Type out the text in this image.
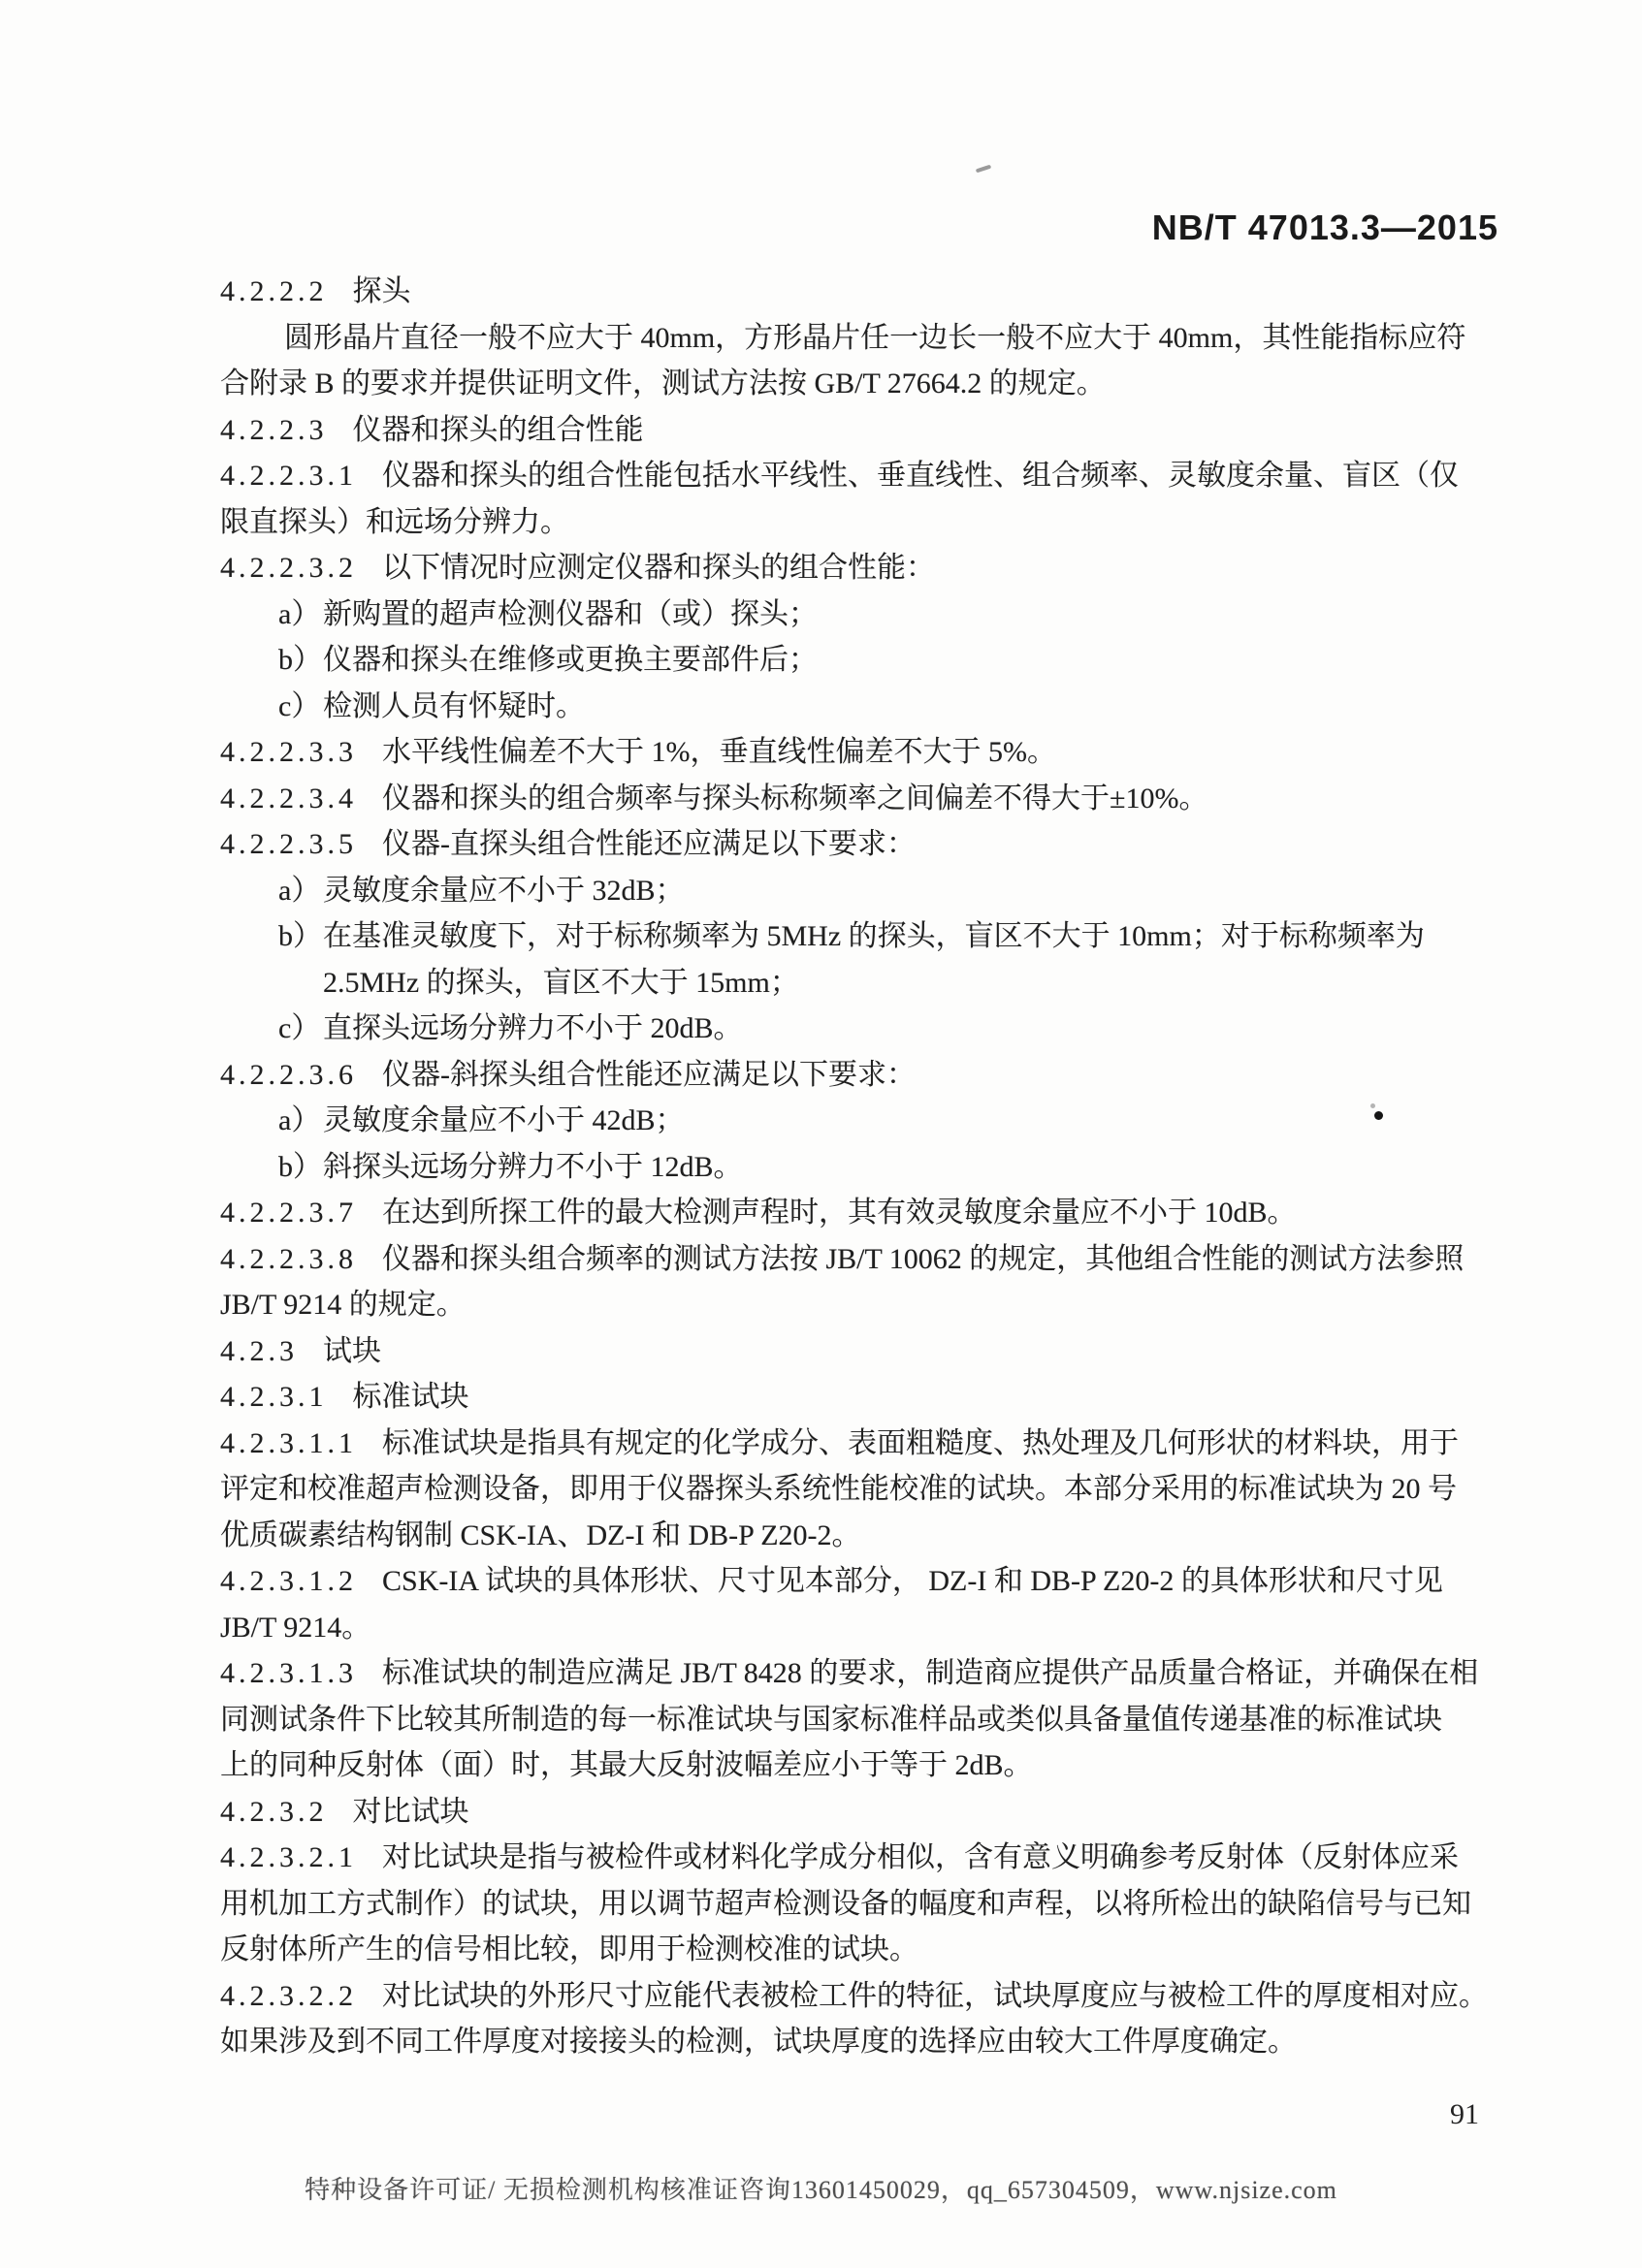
NB/T 47013.3—2015
4.2.2.2 探头
圆形晶片直径一般不应大于 40mm，方形晶片任一边长一般不应大于 40mm，其性能指标应符
合附录 B 的要求并提供证明文件，测试方法按 GB/T 27664.2 的规定。
4.2.2.3 仪器和探头的组合性能
4.2.2.3.1 仪器和探头的组合性能包括水平线性、垂直线性、组合频率、灵敏度余量、盲区（仅
限直探头）和远场分辨力。
4.2.2.3.2 以下情况时应测定仪器和探头的组合性能：
a） 新购置的超声检测仪器和（或）探头；
b） 仪器和探头在维修或更换主要部件后；
c） 检测人员有怀疑时。
4.2.2.3.3 水平线性偏差不大于 1%，垂直线性偏差不大于 5%。
4.2.2.3.4 仪器和探头的组合频率与探头标称频率之间偏差不得大于±10%。
4.2.2.3.5 仪器-直探头组合性能还应满足以下要求：
a） 灵敏度余量应不小于 32dB；
b） 在基准灵敏度下，对于标称频率为 5MHz 的探头，盲区不大于 10mm；对于标称频率为
2.5MHz 的探头，盲区不大于 15mm；
c） 直探头远场分辨力不小于 20dB。
4.2.2.3.6 仪器-斜探头组合性能还应满足以下要求：
a） 灵敏度余量应不小于 42dB；
b） 斜探头远场分辨力不小于 12dB。
4.2.2.3.7 在达到所探工件的最大检测声程时，其有效灵敏度余量应不小于 10dB。
4.2.2.3.8 仪器和探头组合频率的测试方法按 JB/T 10062 的规定，其他组合性能的测试方法参照
JB/T 9214 的规定。
4.2.3 试块
4.2.3.1 标准试块
4.2.3.1.1 标准试块是指具有规定的化学成分、表面粗糙度、热处理及几何形状的材料块，用于
评定和校准超声检测设备，即用于仪器探头系统性能校准的试块。本部分采用的标准试块为 20 号
优质碳素结构钢制 CSK-IA、DZ-I 和 DB-P Z20-2。
4.2.3.1.2 CSK-IA 试块的具体形状、尺寸见本部分， DZ-I 和 DB-P Z20-2 的具体形状和尺寸见
JB/T 9214。
4.2.3.1.3 标准试块的制造应满足 JB/T 8428 的要求，制造商应提供产品质量合格证，并确保在相
同测试条件下比较其所制造的每一标准试块与国家标准样品或类似具备量值传递基准的标准试块
上的同种反射体（面）时，其最大反射波幅差应小于等于 2dB。
4.2.3.2 对比试块
4.2.3.2.1 对比试块是指与被检件或材料化学成分相似，含有意义明确参考反射体（反射体应采
用机加工方式制作）的试块，用以调节超声检测设备的幅度和声程，以将所检出的缺陷信号与已知
反射体所产生的信号相比较，即用于检测校准的试块。
4.2.3.2.2 对比试块的外形尺寸应能代表被检工件的特征，试块厚度应与被检工件的厚度相对应。
如果涉及到不同工件厚度对接接头的检测，试块厚度的选择应由较大工件厚度确定。
91
特种设备许可证/ 无损检测机构核准证咨询13601450029，qq_657304509，www.njsize.com
